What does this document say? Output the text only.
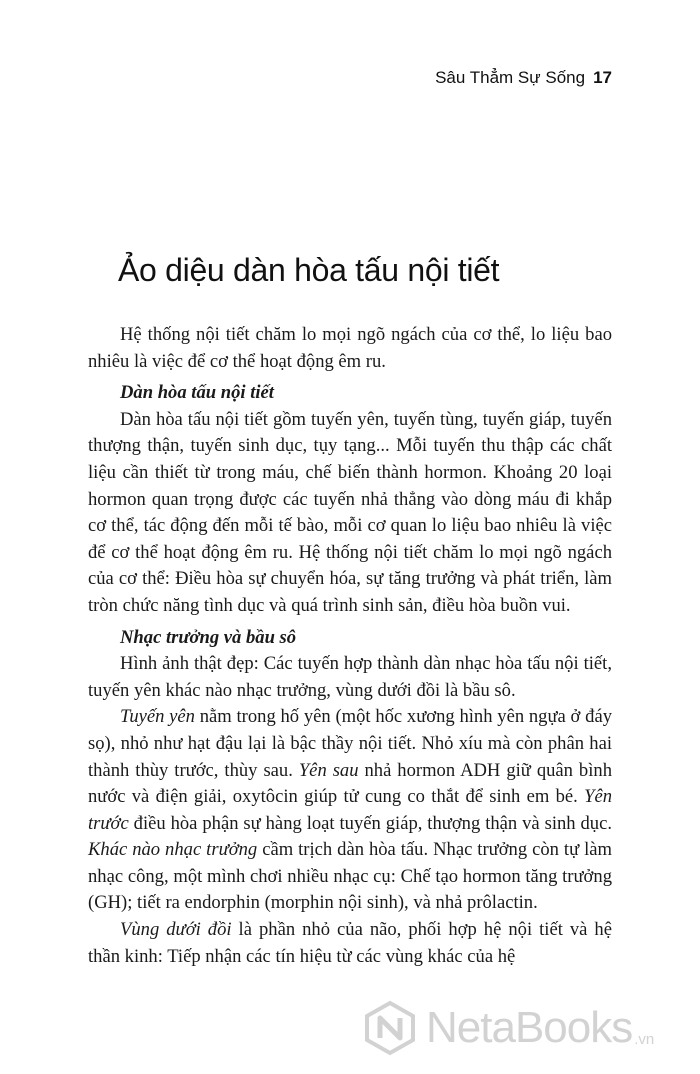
Sâu Thẳm Sự Sống 17
Ảo diệu dàn hòa tấu nội tiết

Hệ thống nội tiết chăm lo mọi ngõ ngách của cơ thể, lo liệu bao nhiêu là việc để cơ thể hoạt động êm ru.

Dàn hòa tấu nội tiết

Dàn hòa tấu nội tiết gồm tuyến yên, tuyến tùng, tuyến giáp, tuyến thượng thận, tuyến sinh dục, tụy tạng... Mỗi tuyến thu thập các chất liệu cần thiết từ trong máu, chế biến thành hormon. Khoảng 20 loại hormon quan trọng được các tuyến nhả thẳng vào dòng máu đi khắp cơ thể, tác động đến mỗi tế bào, mỗi cơ quan lo liệu bao nhiêu là việc để cơ thể hoạt động êm ru. Hệ thống nội tiết chăm lo mọi ngõ ngách của cơ thể: Điều hòa sự chuyển hóa, sự tăng trưởng và phát triển, làm tròn chức năng tình dục và quá trình sinh sản, điều hòa buồn vui.

Nhạc trưởng và bầu sô

Hình ảnh thật đẹp: Các tuyến hợp thành dàn nhạc hòa tấu nội tiết, tuyến yên khác nào nhạc trưởng, vùng dưới đồi là bầu sô.

Tuyến yên nằm trong hố yên (một hốc xương hình yên ngựa ở đáy sọ), nhỏ như hạt đậu lại là bậc thầy nội tiết. Nhỏ xíu mà còn phân hai thành thùy trước, thùy sau. Yên sau nhả hormon ADH giữ quân bình nước và điện giải, oxytôcin giúp tử cung co thắt để sinh em bé. Yên trước điều hòa phận sự hàng loạt tuyến giáp, thượng thận và sinh dục. Khác nào nhạc trưởng cầm trịch dàn hòa tấu. Nhạc trưởng còn tự làm nhạc công, một mình chơi nhiều nhạc cụ: Chế tạo hormon tăng trưởng (GH); tiết ra endorphin (morphin nội sinh), và nhả prôlactin.

Vùng dưới đồi là phần nhỏ của não, phối hợp hệ nội tiết và hệ thần kinh: Tiếp nhận các tín hiệu từ các vùng khác của hệ

NetaBooks .vn
